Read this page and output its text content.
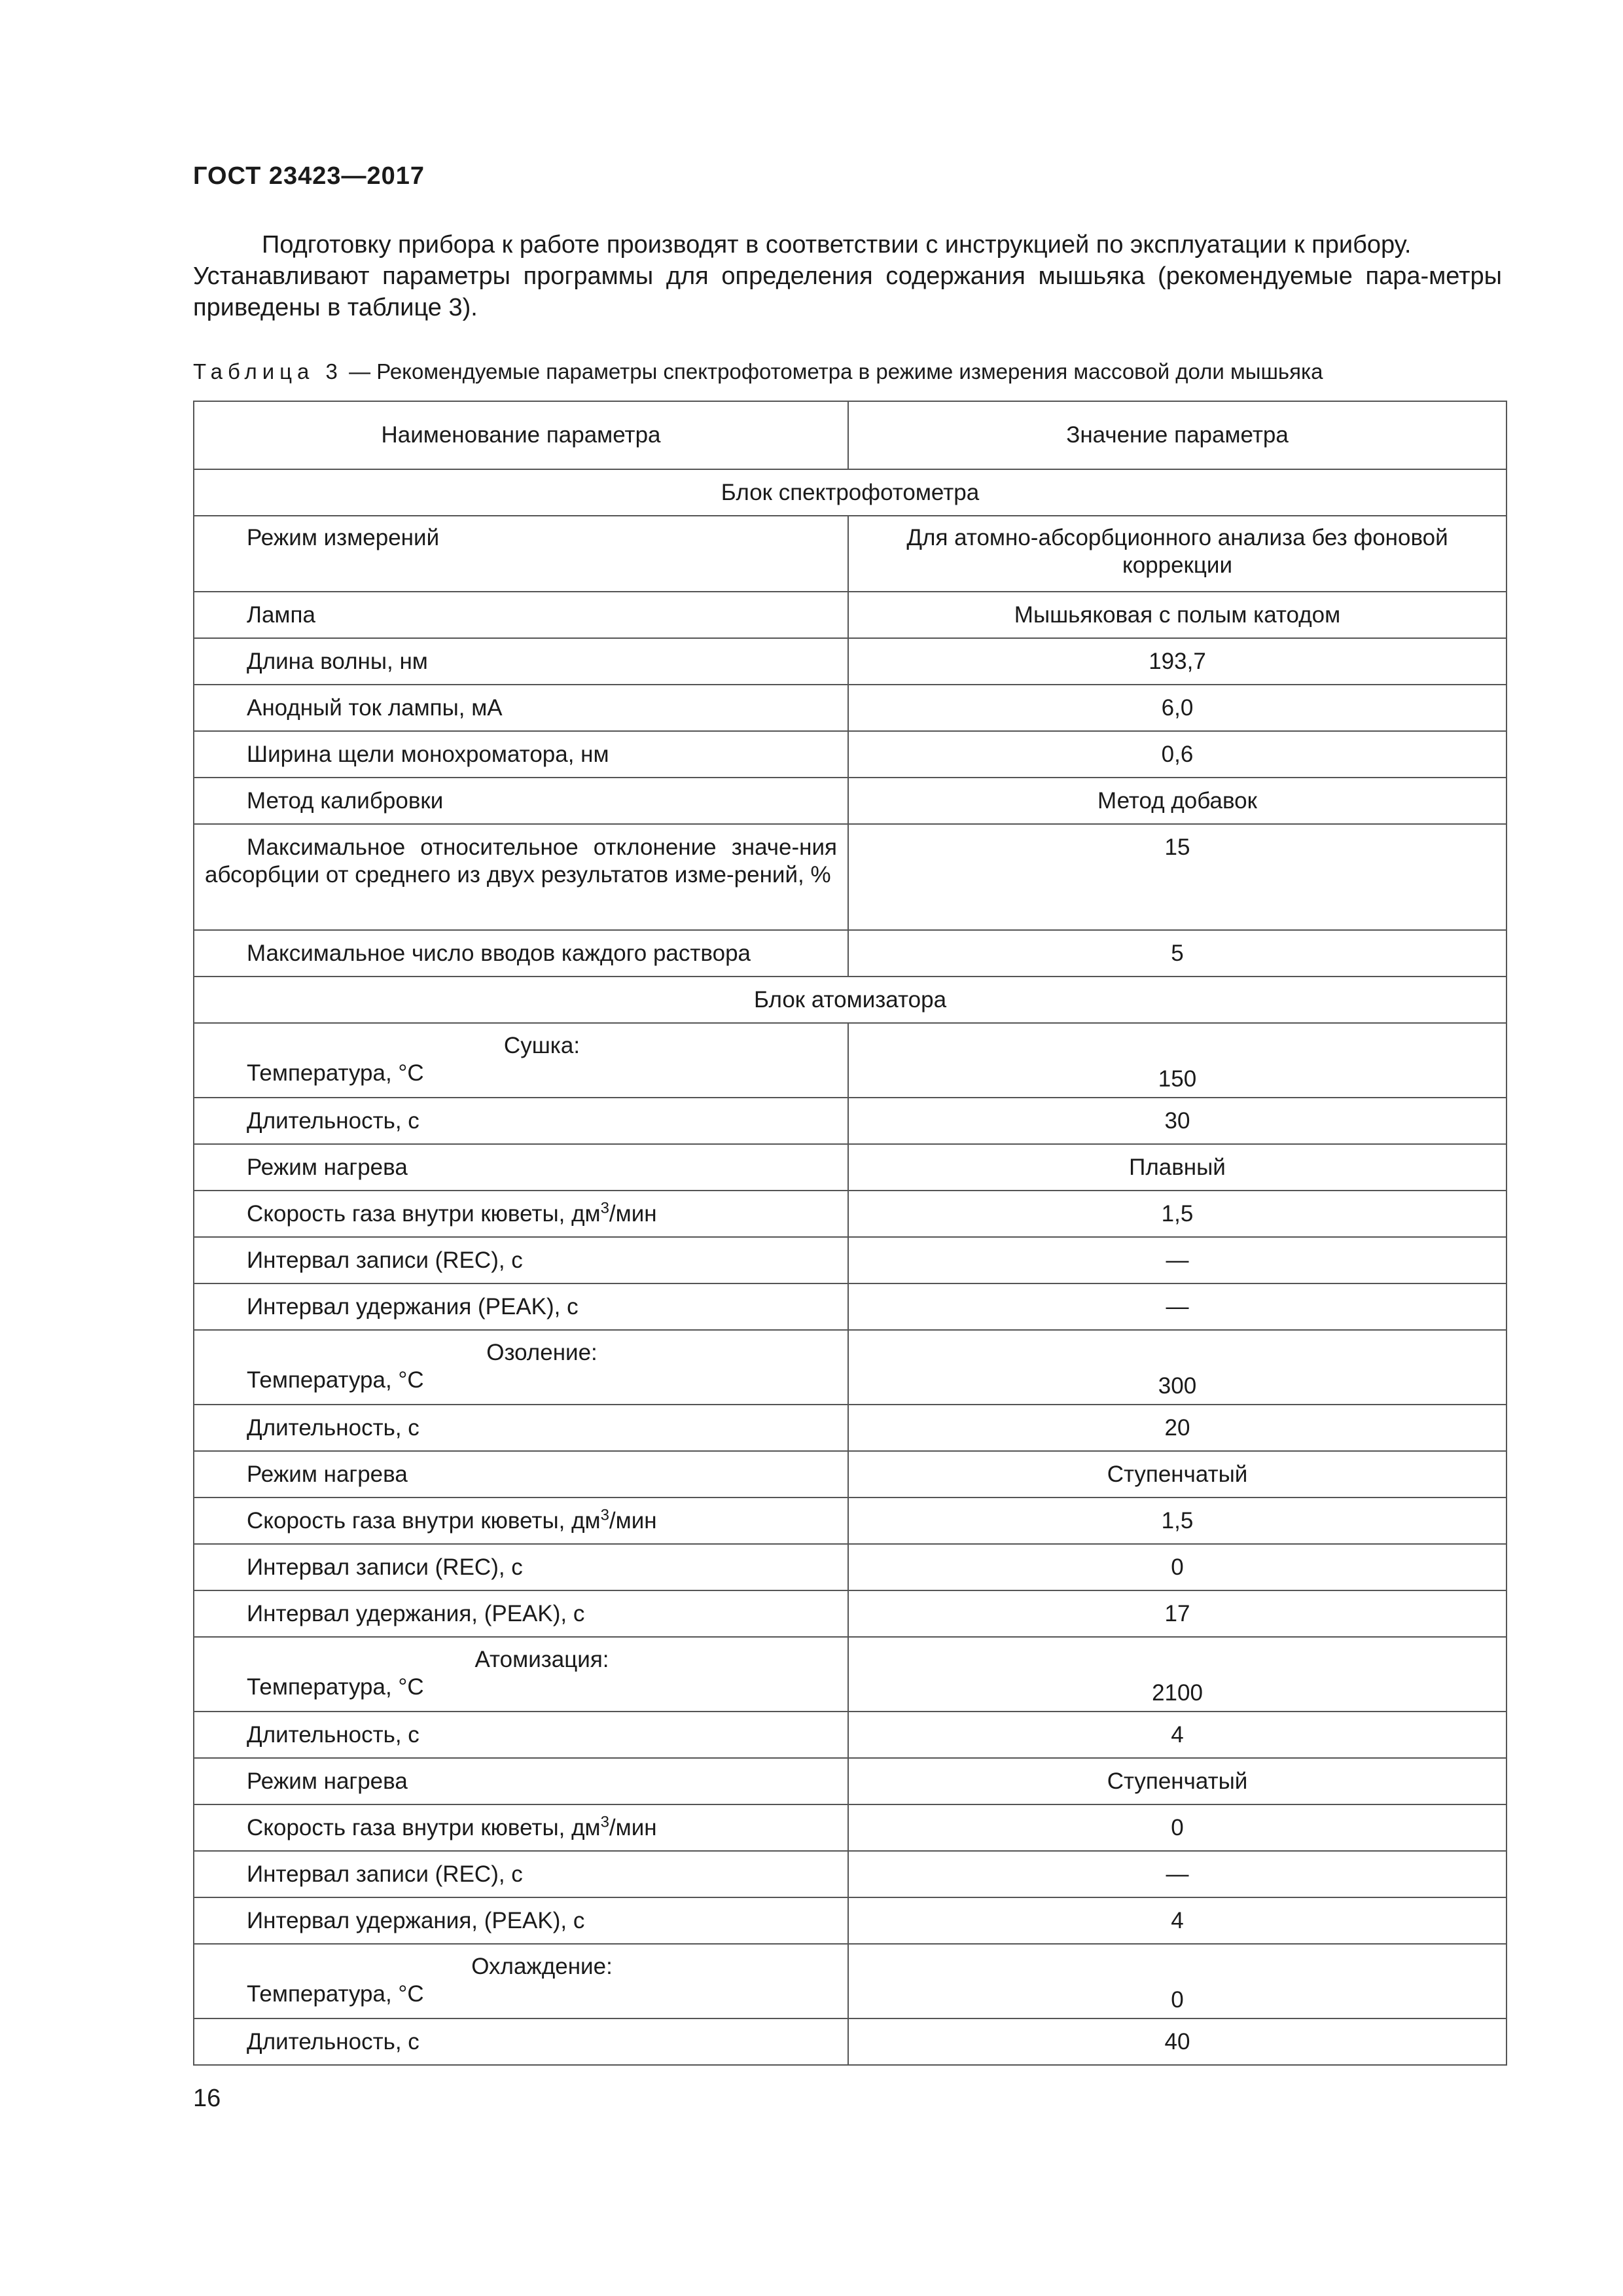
ГОСТ 23423—2017

Подготовку прибора к работе производят в соответствии с инструкцией по эксплуатации к прибору.
Устанавливают параметры программы для определения содержания мышьяка (рекомендуемые пара-метры приведены в таблице 3).

Таблица 3 — Рекомендуемые параметры спектрофотометра в режиме измерения массовой доли мышьяка

Наименование параметра	Значение параметра
Блок спектрофотометра	
Режим измерений	Для атомно-абсорбционного анализа без фоновой коррекции
Лампа	Мышьяковая с полым катодом
Длина волны, нм	193,7
Анодный ток лампы, мА	6,0
Ширина щели монохроматора, нм	0,6
Метод калибровки	Метод добавок
Максимальное относительное отклонение значе-ния абсорбции от среднего из двух результатов изме-рений, %	15
Максимальное число вводов каждого раствора	5
Блок атомизатора	

Сушка:
Температура, °С	150
Длительность, с	30
Режим нагрева	Плавный
Скорость газа внутри кюветы, $дм^3$/мин	1,5
Интервал записи (REC), с	—
Интервал удержания (PEAK), с	—

Озоление:
Температура, °С	300
Длительность, с	20
Режим нагрева	Ступенчатый
Скорость газа внутри кюветы, $дм^3$/мин	1,5
Интервал записи (REC), с	0
Интервал удержания, (PEAK), с	17

Атомизация:
Температура, °С	2100
Длительность, с	4
Режим нагрева	Ступенчатый
Скорость газа внутри кюветы, $дм^3$/мин	0
Интервал записи (REC), с	—
Интервал удержания, (PEAK), с	4

Охлаждение:
Температура, °С	0
Длительность, с	40
16
